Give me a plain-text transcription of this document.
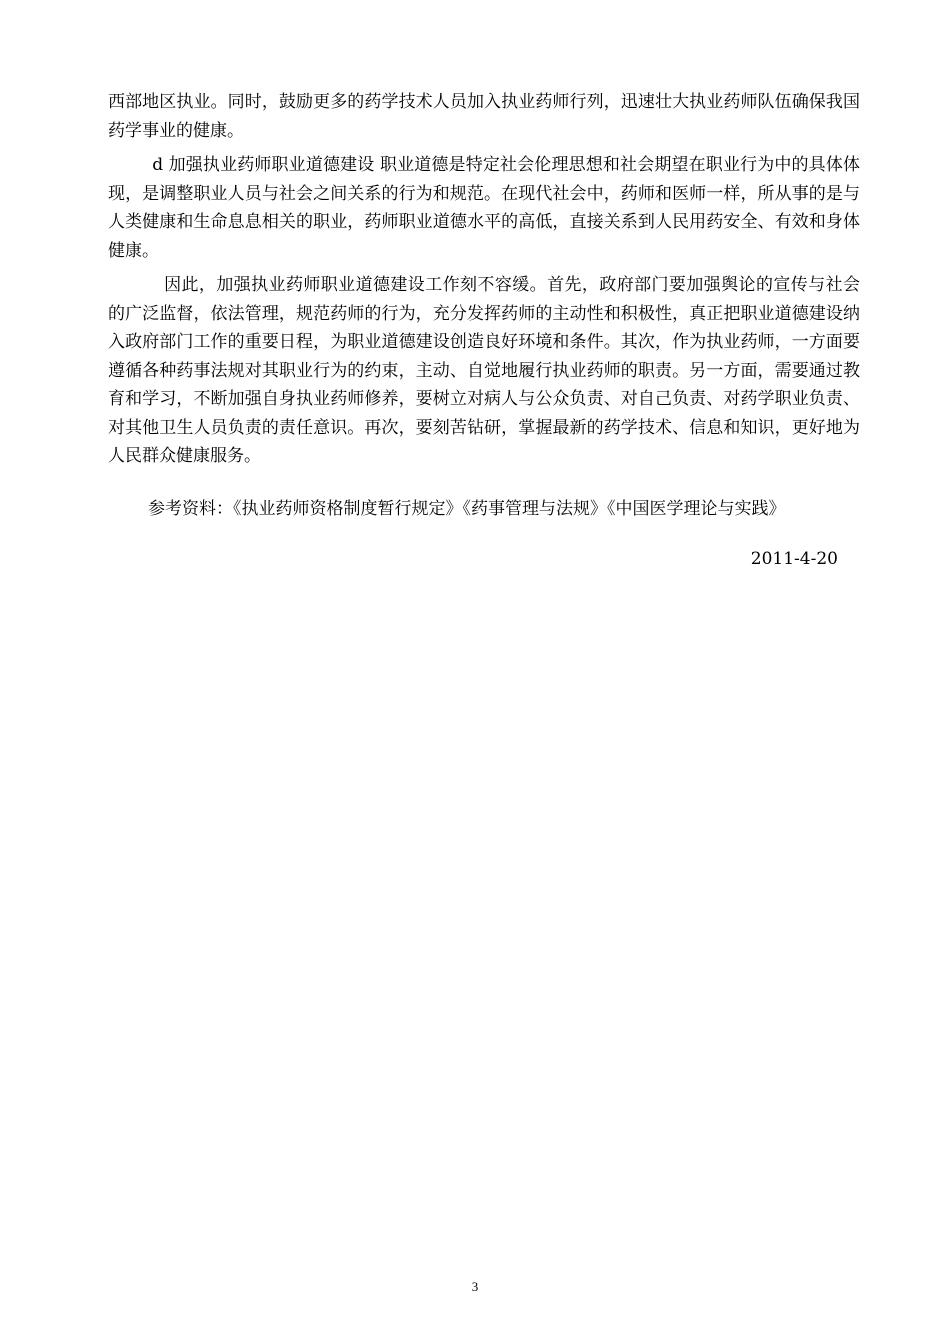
西部地区执业。同时，鼓励更多的药学技术人员加入执业药师行列，迅速壮大执业药师队伍确保我国药学事业的健康。

d 加强执业药师职业道德建设 职业道德是特定社会伦理思想和社会期望在职业行为中的具体体现，是调整职业人员与社会之间关系的行为和规范。在现代社会中，药师和医师一样，所从事的是与人类健康和生命息息相关的职业，药师职业道德水平的高低，直接关系到人民用药安全、有效和身体健康。

因此，加强执业药师职业道德建设工作刻不容缓。首先，政府部门要加强舆论的宣传与社会的广泛监督，依法管理，规范药师的行为，充分发挥药师的主动性和积极性，真正把职业道德建设纳入政府部门工作的重要日程，为职业道德建设创造良好环境和条件。其次，作为执业药师，一方面要遵循各种药事法规对其职业行为的约束，主动、自觉地履行执业药师的职责。另一方面，需要通过教育和学习，不断加强自身执业药师修养，要树立对病人与公众负责、对自己负责、对药学职业负责、对其他卫生人员负责的责任意识。再次，要刻苦钻研，掌握最新的药学技术、信息和知识，更好地为人民群众健康服务。

参考资料：《执业药师资格制度暂行规定》《药事管理与法规》《中国医学理论与实践》

2011-4-20

3
